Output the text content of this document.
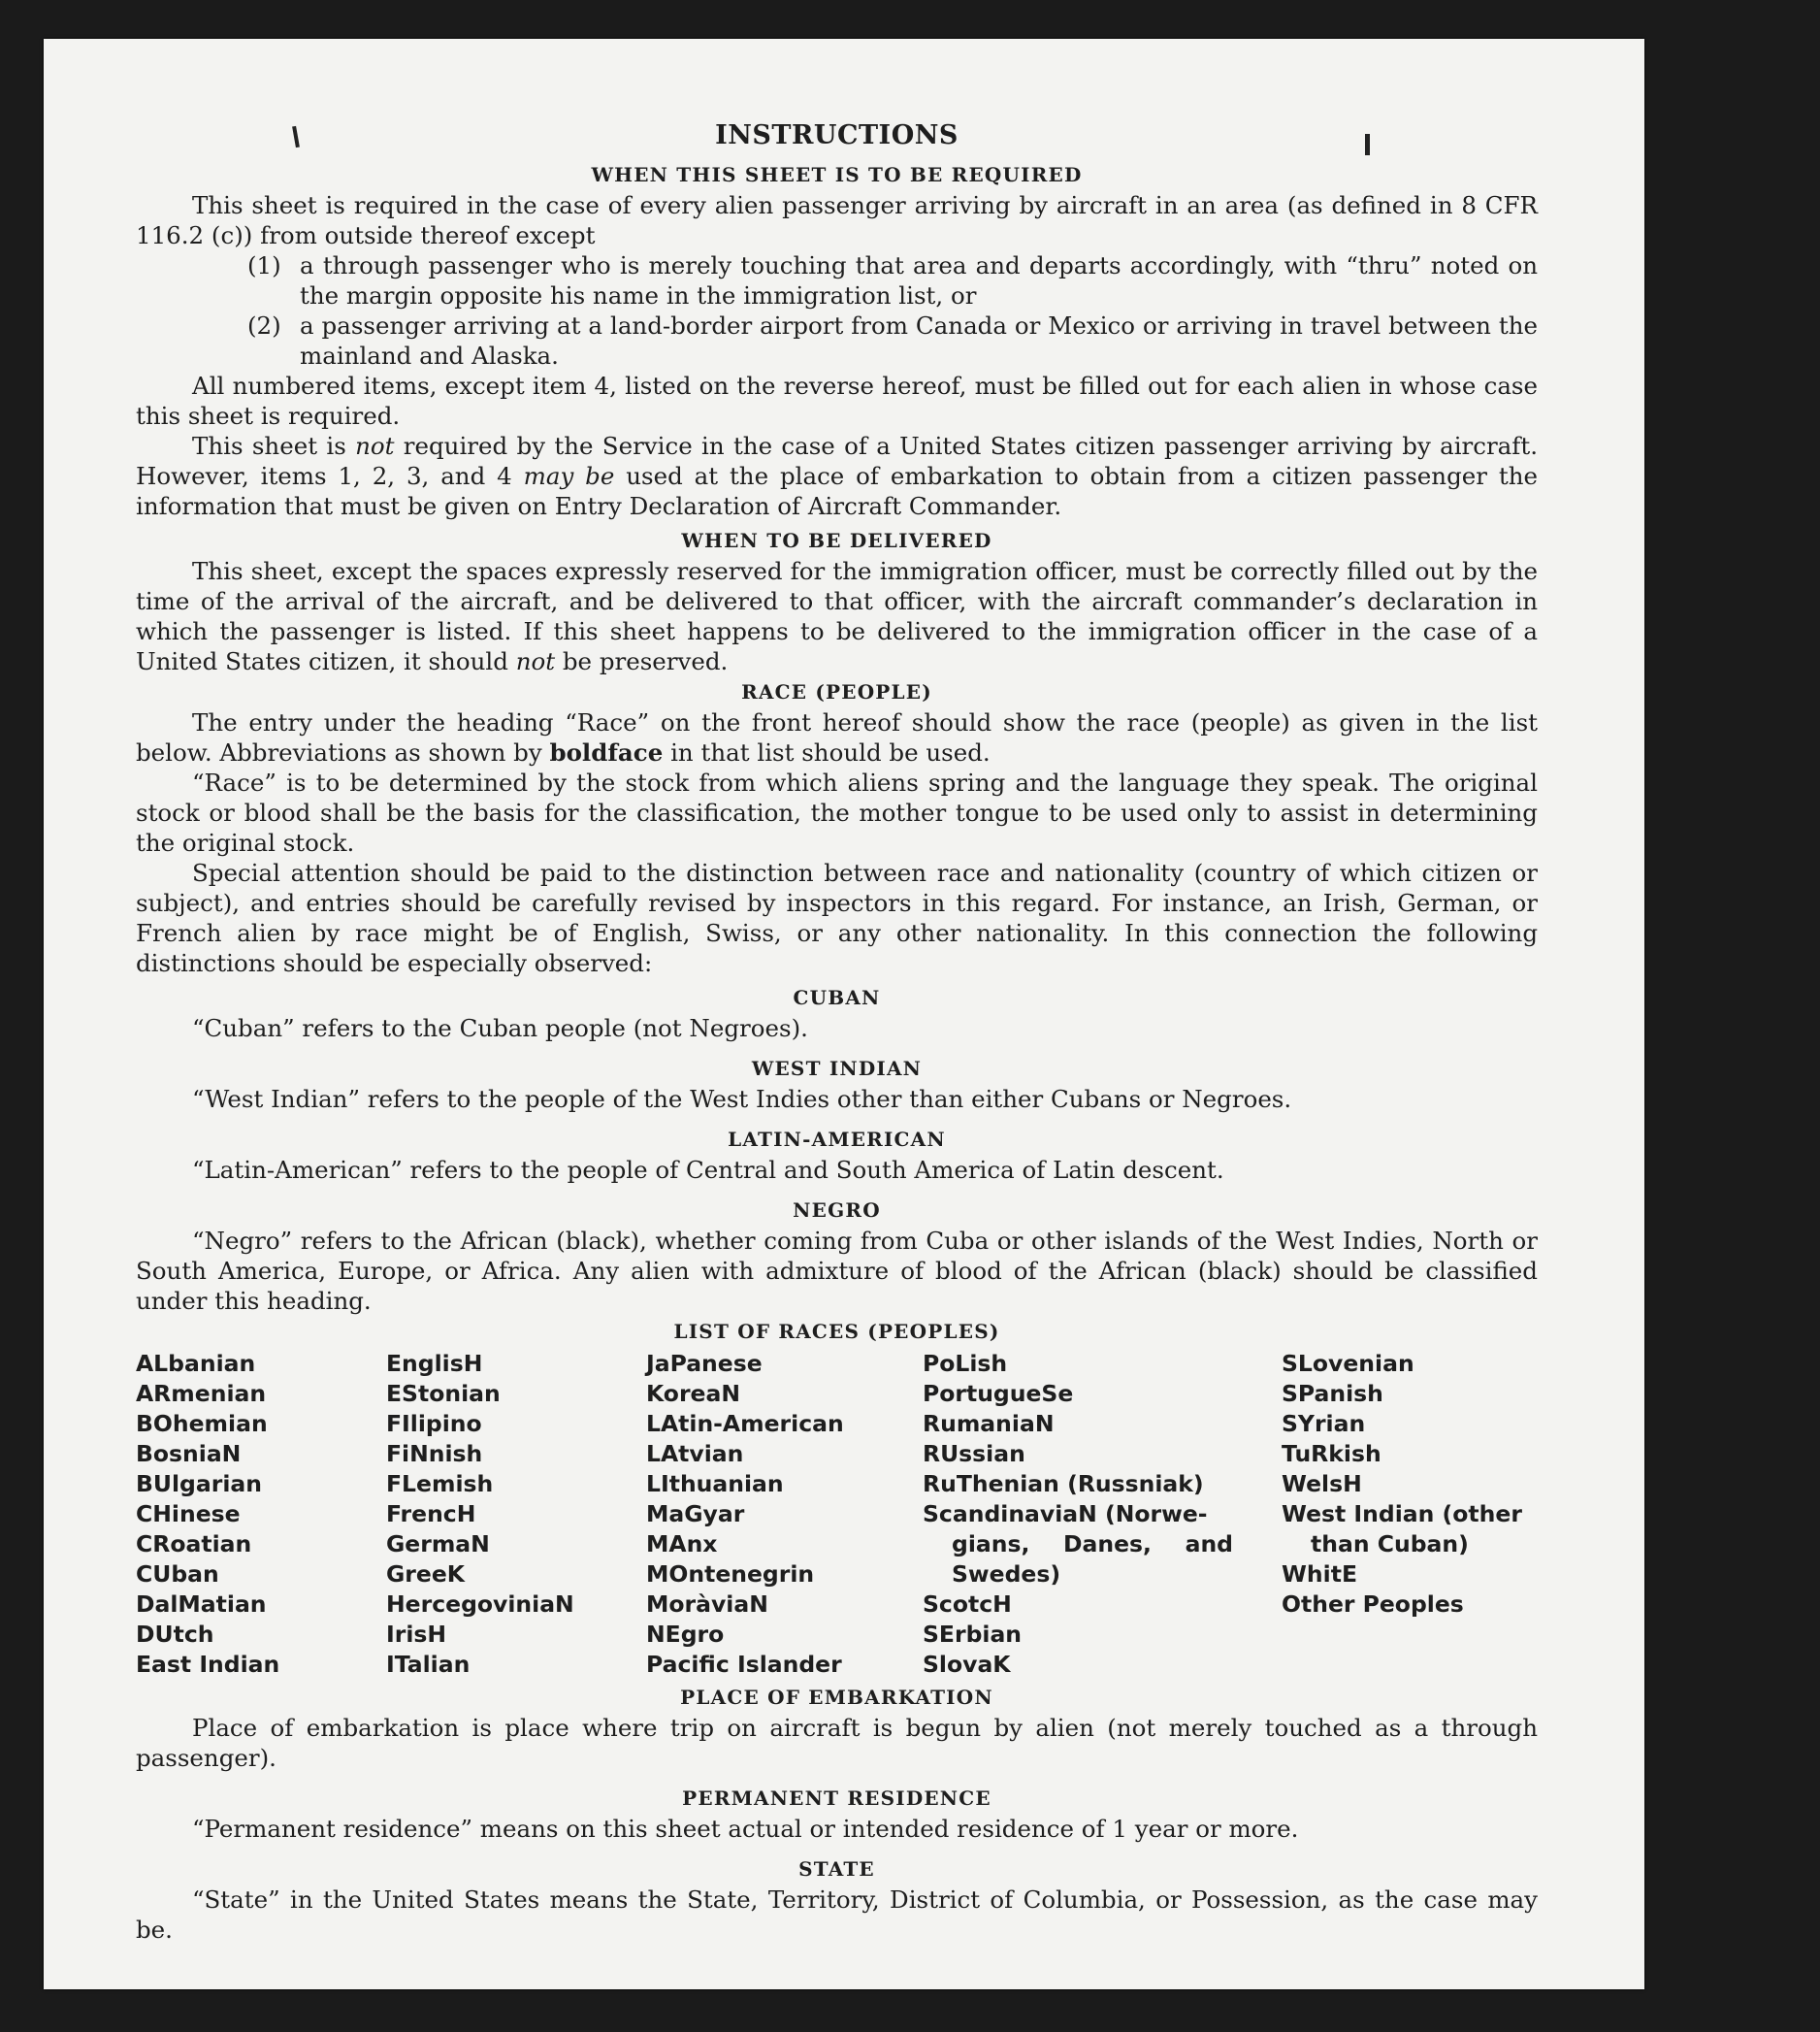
INSTRUCTIONS
WHEN THIS SHEET IS TO BE REQUIRED

This sheet is required in the case of every alien passenger arriving by aircraft in an area (as defined in 8 CFR 116.2 (c)) from outside thereof except

(1) a through passenger who is merely touching that area and departs accordingly, with “thru” noted on the margin opposite his name in the immigration list, or
(2) a passenger arriving at a land-border airport from Canada or Mexico or arriving in travel between the mainland and Alaska.

All numbered items, except item 4, listed on the reverse hereof, must be filled out for each alien in whose case this sheet is required.

This sheet is not required by the Service in the case of a United States citizen passenger arriving by aircraft. However, items 1, 2, 3, and 4 may be used at the place of embarkation to obtain from a citizen passenger the information that must be given on Entry Declaration of Aircraft Commander.

WHEN TO BE DELIVERED

This sheet, except the spaces expressly reserved for the immigration officer, must be correctly filled out by the time of the arrival of the aircraft, and be delivered to that officer, with the aircraft commander’s declaration in which the passenger is listed. If this sheet happens to be delivered to the immigration officer in the case of a United States citizen, it should not be preserved.

RACE (PEOPLE)

The entry under the heading “Race” on the front hereof should show the race (people) as given in the list below. Abbreviations as shown by boldface in that list should be used.

“Race” is to be determined by the stock from which aliens spring and the language they speak. The original stock or blood shall be the basis for the classification, the mother tongue to be used only to assist in determining the original stock.

Special attention should be paid to the distinction between race and nationality (country of which citizen or subject), and entries should be carefully revised by inspectors in this regard. For instance, an Irish, German, or French alien by race might be of English, Swiss, or any other nationality. In this connection the following distinctions should be especially observed:

CUBAN

“Cuban” refers to the Cuban people (not Negroes).

WEST INDIAN

“West Indian” refers to the people of the West Indies other than either Cubans or Negroes.

LATIN-AMERICAN

“Latin-American” refers to the people of Central and South America of Latin descent.

NEGRO

“Negro” refers to the African (black), whether coming from Cuba or other islands of the West Indies, North or South America, Europe, or Africa. Any alien with admixture of blood of the African (black) should be classified under this heading.

LIST OF RACES (PEOPLES)
ALbanian
ARmenian
BOhemian
BosniaN
BUlgarian
CHinese
CRoatian
CUban
DalMatian
DUtch
East Indian
EnglisH
EStonian
FIlipino
FiNnish
FLemish
FrencH
GermaN
GreeK
HercegoviniaN
IrisH
ITalian
JaPanese
KoreaN
LAtin-American
LAtvian
LIthuanian
MaGyar
MAnx
MOntenegrin
MoràviaN
NEgro
Pacific Islander
PoLish
PortugueSe
RumaniaN
RUssian
RuThenian (Russniak)
ScandinaviaN (Norwe-
gians, Danes, and
Swedes)
ScotcH
SErbian
SlovaK
SLovenian
SPanish
SYrian
TuRkish
WelsH
West Indian (other
than Cuban)
WhitE
Other Peoples
PLACE OF EMBARKATION

Place of embarkation is place where trip on aircraft is begun by alien (not merely touched as a through passenger).

PERMANENT RESIDENCE

“Permanent residence” means on this sheet actual or intended residence of 1 year or more.

STATE

“State” in the United States means the State, Territory, District of Columbia, or Possession, as the case may be.
